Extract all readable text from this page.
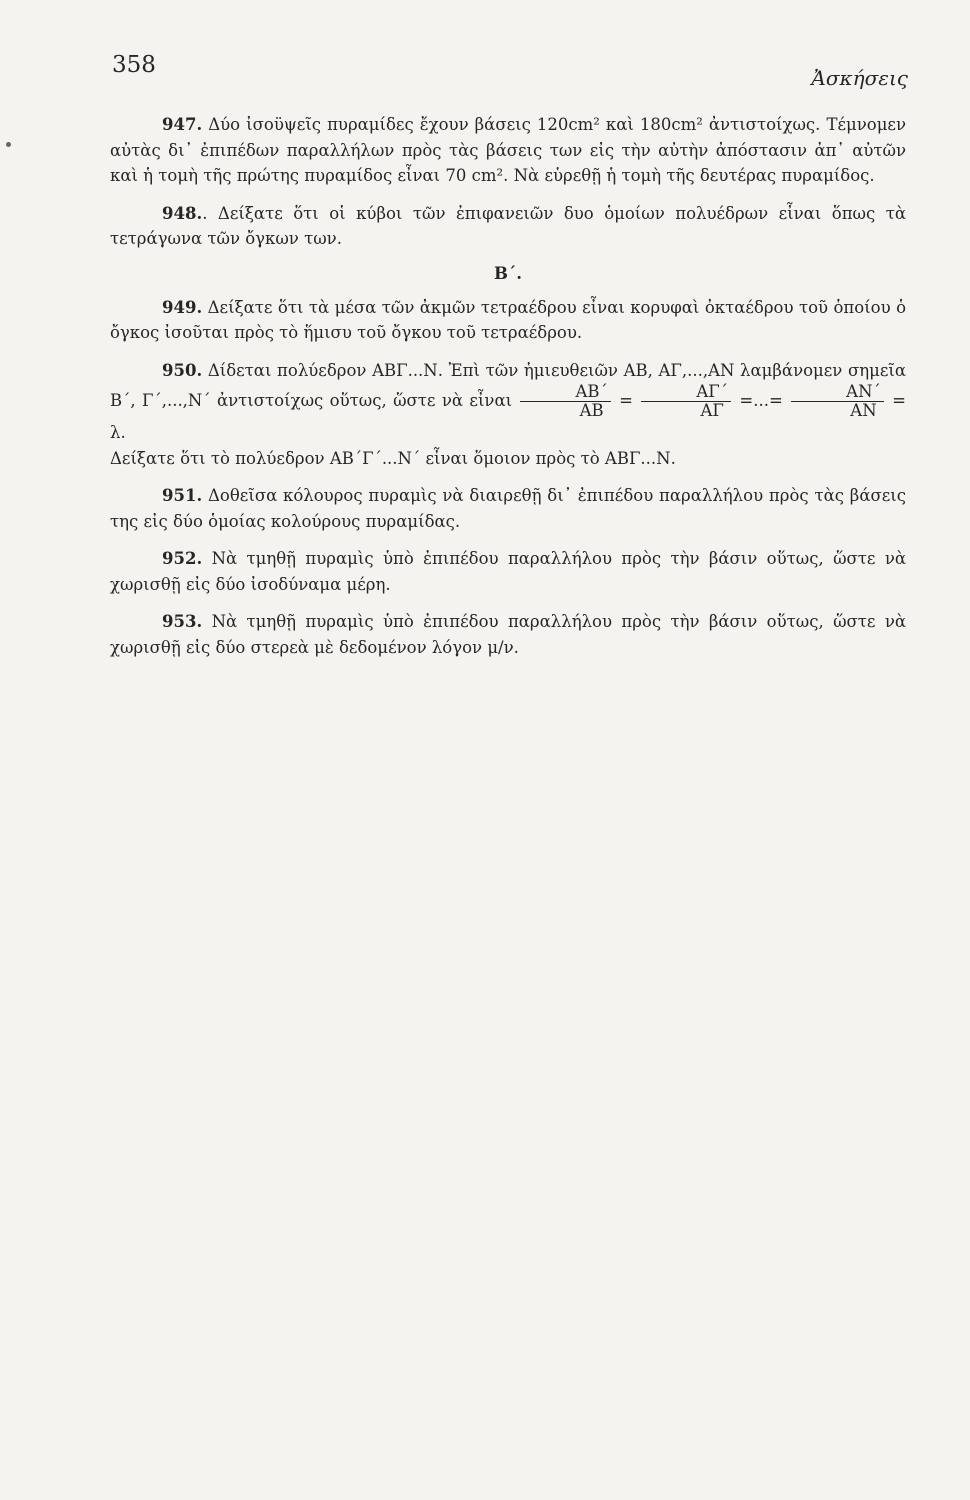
358	Ἀσκήσεις

947. Δύο ἰσοϋψεῖς πυραμίδες ἔχουν βάσεις 120cm² καὶ 180cm² ἀντιστοίχως. Τέμνομεν αὐτὰς δι᾽ ἐπιπέδων παραλλήλων πρὸς τὰς βάσεις των εἰς τὴν αὐτὴν ἀπόστασιν ἀπ᾽ αὐτῶν καὶ ἡ τομὴ τῆς πρώτης πυραμίδος εἶναι 70 cm². Νὰ εὑρεθῇ ἡ τομὴ τῆς δευτέρας πυραμίδος.

948.. Δείξατε ὅτι οἱ κύβοι τῶν ἐπιφανειῶν δυο ὁμοίων πολυέδρων εἶναι ὅπως τὰ τετράγωνα τῶν ὄγκων των.

Β΄.

949. Δείξατε ὅτι τὰ μέσα τῶν ἀκμῶν τετραέδρου εἶναι κορυφαὶ ὀκταέδρου τοῦ ὁποίου ὁ ὄγκος ἰσοῦται πρὸς τὸ ἥμισυ τοῦ ὄγκου τοῦ τετραέδρου.

950. Δίδεται πολύεδρον ΑΒΓ...Ν. Ἐπὶ τῶν ἡμιευθειῶν ΑΒ, ΑΓ,...,ΑΝ λαμβάνομεν σημεῖα Β΄, Γ΄,...,Ν΄ ἀντιστοίχως οὕτως, ὥστε νὰ εἶναι $\frac{AB΄}{AB} = \frac{A\Gamma΄}{A\Gamma}$ =...= $\frac{AN΄}{AN} = \lambda$.
Δείξατε ὅτι τὸ πολύεδρον ΑΒ΄Γ΄...Ν΄ εἶναι ὅμοιον πρὸς τὸ ΑΒΓ...Ν.

951. Δοθεῖσα κόλουρος πυραμὶς νὰ διαιρεθῇ δι᾽ ἐπιπέδου παραλλήλου πρὸς τὰς βάσεις της εἰς δύο ὁμοίας κολούρους πυραμίδας.

952. Νὰ τμηθῇ πυραμὶς ὑπὸ ἐπιπέδου παραλλήλου πρὸς τὴν βάσιν οὕτως, ὥστε νὰ χωρισθῇ εἰς δύο ἰσοδύναμα μέρη.

953. Νὰ τμηθῇ πυραμὶς ὑπὸ ἐπιπέδου παραλλήλου πρὸς τὴν βάσιν οὕτως, ὥστε νὰ χωρισθῇ εἰς δύο στερεὰ μὲ δεδομένον λόγον μ/ν.
